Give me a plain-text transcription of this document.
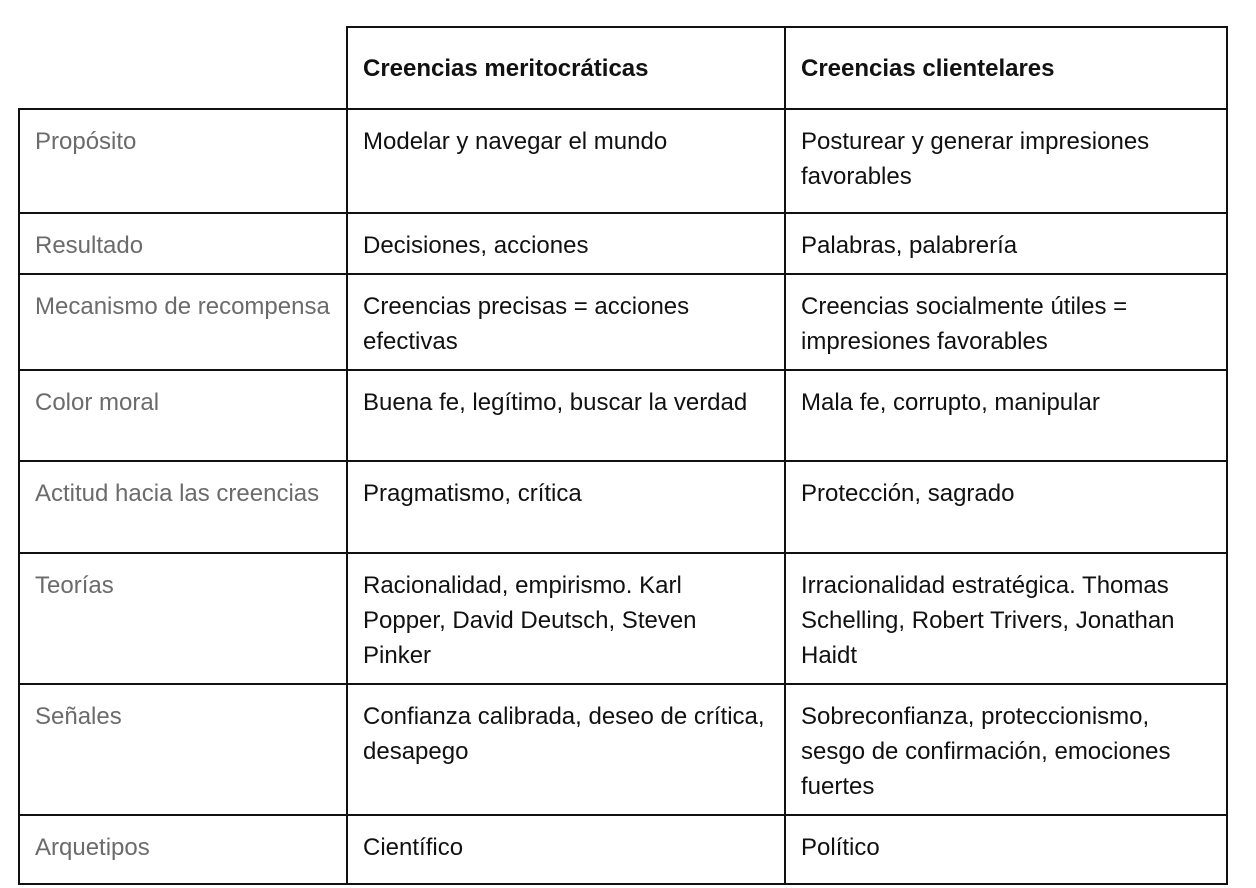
	Creencias meritocráticas	Creencias clientelares
Propósito	Modelar y navegar el mundo	Posturear y generar impresiones favorables
Resultado	Decisiones, acciones	Palabras, palabrería
Mecanismo de recompensa	Creencias precisas = acciones efectivas	Creencias socialmente útiles = impresiones favorables
Color moral	Buena fe, legítimo, buscar la verdad	Mala fe, corrupto, manipular
Actitud hacia las creencias	Pragmatismo, crítica	Protección, sagrado
Teorías	Racionalidad, empirismo. Karl Popper, David Deutsch, Steven Pinker	Irracionalidad estratégica. Thomas Schelling, Robert Trivers, Jonathan Haidt
Señales	Confianza calibrada, deseo de crítica, desapego	Sobreconfianza, proteccionismo, sesgo de confirmación, emociones fuertes
Arquetipos	Científico	Político
